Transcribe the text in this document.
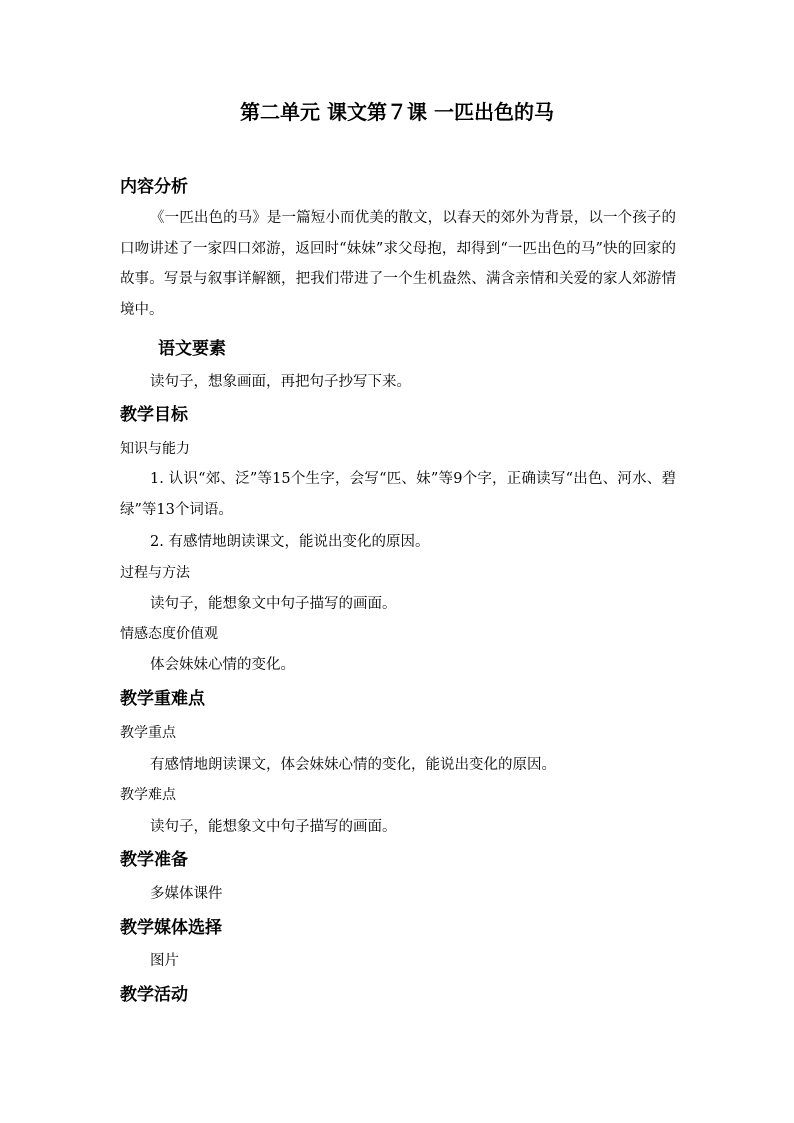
第二单元 课文第７课 一匹出色的马
内容分析

《一匹出色的马》是一篇短小而优美的散文，以春天的郊外为背景，以一个孩子的口吻讲述了一家四口郊游，返回时“妹妹”求父母抱，却得到“一匹出色的马”快的回家的故事。写景与叙事详解额，把我们带进了一个生机盎然、满含亲情和关爱的家人郊游情境中。

语文要素
读句子，想象画面，再把句子抄写下来。
教学目标
知识与能力

1. 认识“郊、泛”等15个生字，会写“匹、妹”等9个字，正确读写“出色、河水、碧绿”等13个词语。

2. 有感情地朗读课文，能说出变化的原因。
过程与方法
读句子，能想象文中句子描写的画面。
情感态度价值观
体会妹妹心情的变化。
教学重难点
教学重点
有感情地朗读课文，体会妹妹心情的变化，能说出变化的原因。
教学难点
读句子，能想象文中句子描写的画面。
教学准备
多媒体课件
教学媒体选择
图片
教学活动
